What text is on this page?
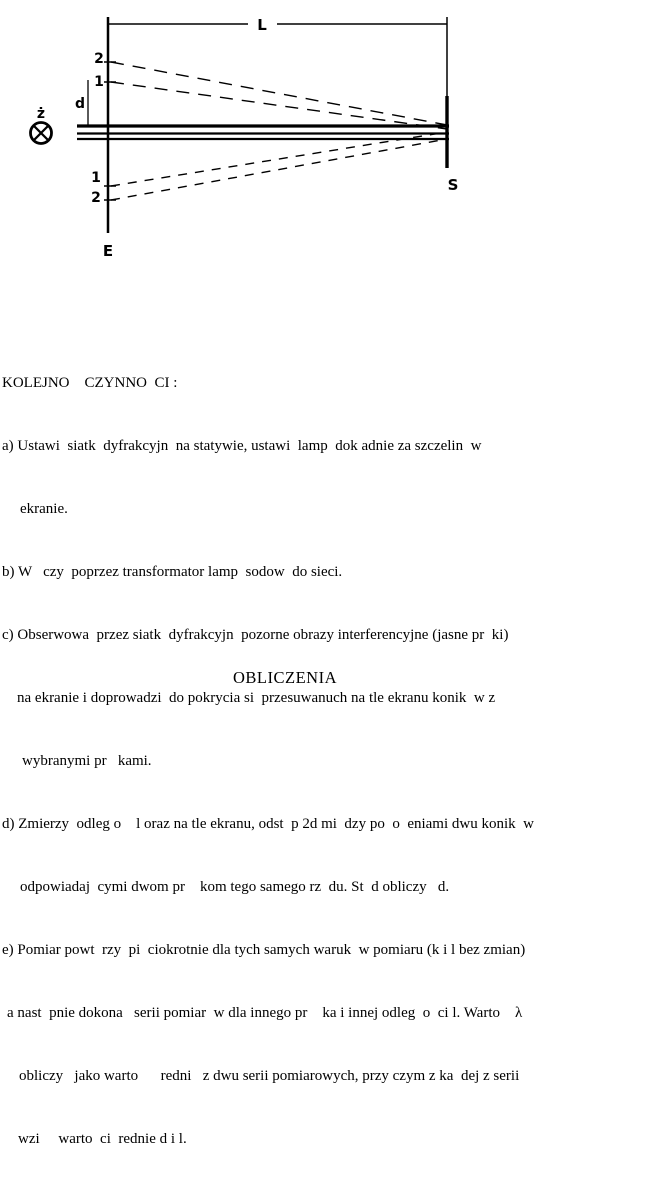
L
S
E
ż
d
2
1
1
2

KOLEJNO    CZYNNO  CI :

a) Ustawi  siatk  dyfrakcyjn  na statywie, ustawi  lamp  dok adnie za szczelin  w

ekranie.

b) W   czy  poprzez transformator lamp  sodow  do sieci.

c) Obserwowa  przez siatk  dyfrakcyjn  pozorne obrazy interferencyjne (jasne pr  ki)

na ekranie i doprowadzi  do pokrycia si  przesuwanuch na tle ekranu konik  w z

wybranymi pr   kami.

d) Zmierzy  odleg o    l oraz na tle ekranu, odst  p 2d mi  dzy po  o  eniami dwu konik  w

odpowiadaj  cymi dwom pr    kom tego samego rz  du. St  d obliczy   d.

e) Pomiar powt  rzy  pi  ciokrotnie dla tych samych waruk  w pomiaru (k i l bez zmian)

a nast  pnie dokona   serii pomiar  w dla innego pr    ka i innej odleg  o  ci l. Warto    λ

obliczy   jako warto      redni   z dwu serii pomiarowych, przy czym z ka  dej z serii

wzi     warto  ci  rednie d i l.

OBLICZENIA
